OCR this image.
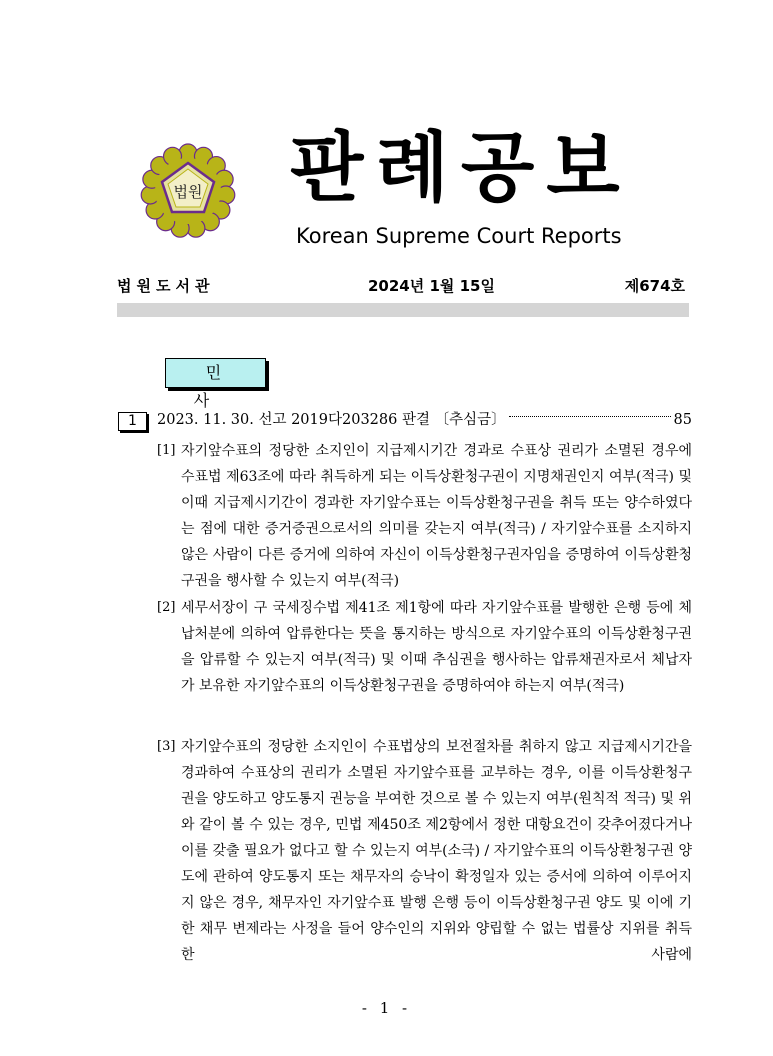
법원 판례공보
Korean Supreme Court Reports
법원도서관	2024년 1월 15일	제674호
민사
1	2023. 11. 30. 선고 2019다203286 판결 〔추심금〕	85
[1] 자기앞수표의 정당한 소지인이 지급제시기간 경과로 수표상 권리가 소멸된 경우에 수표법 제63조에 따라 취득하게 되는 이득상환청구권이 지명채권인지 여부(적극) 및 이때 지급제시기간이 경과한 자기앞수표는 이득상환청구권을 취득 또는 양수하였다는 점에 대한 증거증권으로서의 의미를 갖는지 여부(적극) / 자기앞수표를 소지하지 않은 사람이 다른 증거에 의하여 자신이 이득상환청구권자임을 증명하여 이득상환청구권을 행사할 수 있는지 여부(적극)
[2] 세무서장이 구 국세징수법 제41조 제1항에 따라 자기앞수표를 발행한 은행 등에 체납처분에 의하여 압류한다는 뜻을 통지하는 방식으로 자기앞수표의 이득상환청구권을 압류할 수 있는지 여부(적극) 및 이때 추심권을 행사하는 압류채권자로서 체납자가 보유한 자기앞수표의 이득상환청구권을 증명하여야 하는지 여부(적극)
[3] 자기앞수표의 정당한 소지인이 수표법상의 보전절차를 취하지 않고 지급제시기간을 경과하여 수표상의 권리가 소멸된 자기앞수표를 교부하는 경우, 이를 이득상환청구권을 양도하고 양도통지 권능을 부여한 것으로 볼 수 있는지 여부(원칙적 적극) 및 위와 같이 볼 수 있는 경우, 민법 제450조 제2항에서 정한 대항요건이 갖추어졌다거나 이를 갖출 필요가 없다고 할 수 있는지 여부(소극) / 자기앞수표의 이득상환청구권 양도에 관하여 양도통지 또는 채무자의 승낙이 확정일자 있는 증서에 의하여 이루어지지 않은 경우, 채무자인 자기앞수표 발행 은행 등이 이득상환청구권 양도 및 이에 기한 채무 변제라는 사정을 들어 양수인의 지위와 양립할 수 없는 법률상 지위를 취득한 사람에
- 1 -
